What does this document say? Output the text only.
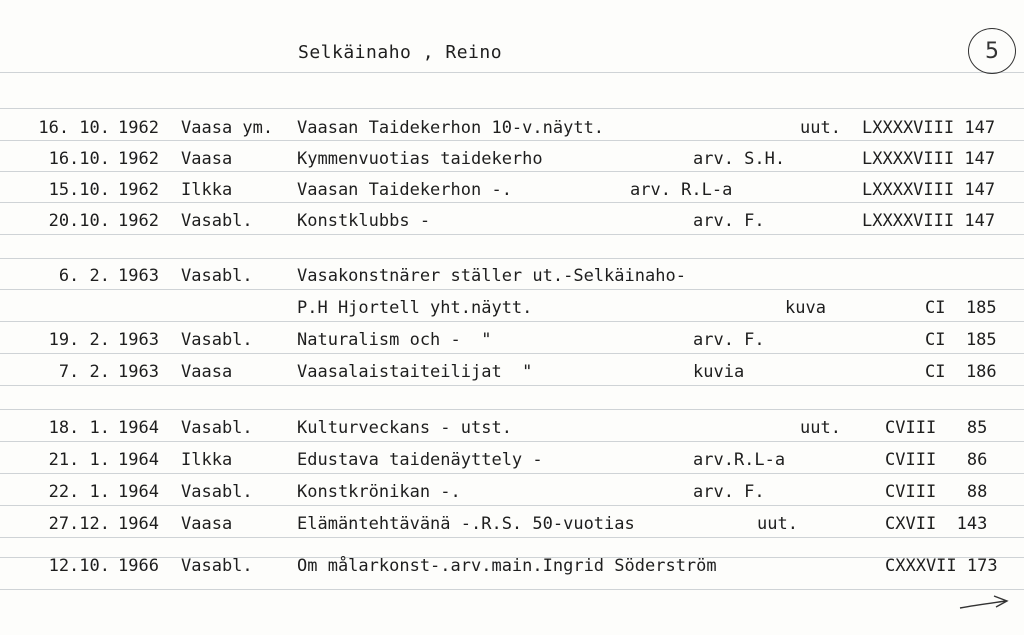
Selkäinaho , Reino	5
16. 10. 1962 Vaasa ym. Vaasan Taidekerhon 10-v.näytt.	uut. LXXXXVIII 147
16.10. 1962 Vaasa	Kymmenvuotias taidekerho	arv. S.H.	LXXXXVIII 147
15.10. 1962 Ilkka	Vaasan Taidekerhon -.	arv. R.L-a	LXXXXVIII 147
20.10. 1962 Vasabl.	Konstklubbs -	arv. F.	LXXXXVIII 147
6. 2. 1963 Vasabl.	Vasakonstnärer ställer ut.-Selkäinaho-
P.H Hjortell yht.näytt.	kuva	CI  185
19. 2. 1963 Vasabl.	Naturalism och -  "	arv. F.	CI  185
7. 2. 1963 Vaasa	Vaasalaistaiteilijat  "	kuvia	CI  186
18. 1. 1964 Vasabl.	Kulturveckans - utst.	uut.	CVIII   85
21. 1. 1964 Ilkka	Edustava taidenäyttely -	arv.R.L-a	CVIII   86
22. 1. 1964 Vasabl.	Konstkrönikan -.	arv. F.	CVIII   88
27.12. 1964 Vaasa	Elämäntehtävänä -.R.S. 50-vuotias	uut.	CXVII  143
12.10. 1966 Vasabl.	Om målarkonst-.arv.main.Ingrid Söderström	CXXXVII 173
